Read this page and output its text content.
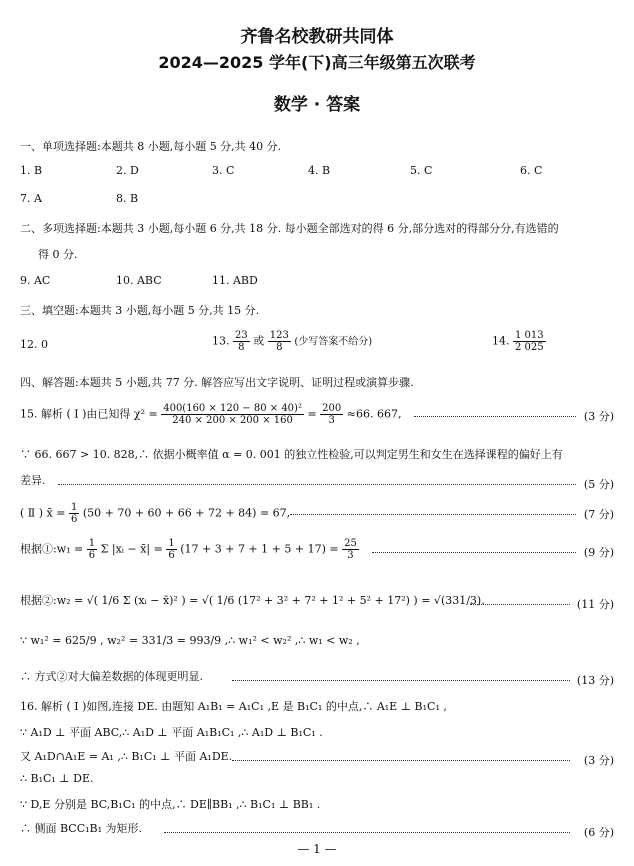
齐鲁名校教研共同体
2024—2025 学年(下)高三年级第五次联考
数学 · 答案
一、单项选择题:本题共 8 小题,每小题 5 分,共 40 分.
1. B	2. D	3. C	4. B	5. C	6. C
7. A	8. B
二、多项选择题:本题共 3 小题,每小题 6 分,共 18 分. 每小题全部选对的得 6 分,部分选对的得部分分,有选错的
得 0 分.
9. AC	10. ABC	11. ABD
三、填空题:本题共 3 小题,每小题 5 分,共 15 分.
12. 0	13. $\frac{23}{8}$ 或 $\frac{123}{8}$ (少写答案不给分)	14. $\frac{1 013}{2 025}$
四、解答题:本题共 5 小题,共 77 分. 解答应写出文字说明、证明过程或演算步骤.
15. 解析 ( Ⅰ )由已知得 $\chi^2 = \frac{\text{400(160 × 120 − 80 × 40)²}}{240 \times 200 \times 200 \times 160} = \frac{200}{3} \approx 66$. 667,	(3 分)
∵ 66. 667 > 10. 828,∴ 依据小概率值 α = 0. 001 的独立性检验,可以判定男生和女生在选择课程的偏好上有
差异.	(5 分)
( Ⅱ ) x̄ = $\frac{1}{6} (50 + 70 + 60 + 66 + 72 + 84) = 67$,	(7 分)
根据①:w₁ = $\frac{1}{6}$ Σ |xᵢ − x̄| = $\frac{1}{6} (17 + 3 + 7 + 1 + 5 + 17) = \frac{25}{3}$	(9 分)
根据②:w₂ = √( 1/6 Σ (xᵢ − x̄)² ) = √( 1/6 (17² + 3² + 7² + 1² + 5² + 17²) ) = √(331/3).	(11 分)
∵ w₁² = 625/9 , w₂² = 331/3 = 993/9 ,∴ w₁² < w₂² ,∴ w₁ < w₂ ,
∴ 方式②对大偏差数据的体现更明显.	(13 分)
16. 解析 ( Ⅰ )如图,连接 DE. 由题知 A₁B₁ = A₁C₁ ,E 是 B₁C₁ 的中点,∴ A₁E ⊥ B₁C₁ ,
∵ A₁D ⊥ 平面 ABC,∴ A₁D ⊥ 平面 A₁B₁C₁ ,∴ A₁D ⊥ B₁C₁ .
又 A₁D∩A₁E = A₁ ,∴ B₁C₁ ⊥ 平面 A₁DE.	(3 分)
∴ B₁C₁ ⊥ DE.
∵ D,E 分别是 BC,B₁C₁ 的中点,∴ DE∥BB₁ ,∴ B₁C₁ ⊥ BB₁ .
∴ 侧面 BCC₁B₁ 为矩形.	(6 分)
— 1 —
